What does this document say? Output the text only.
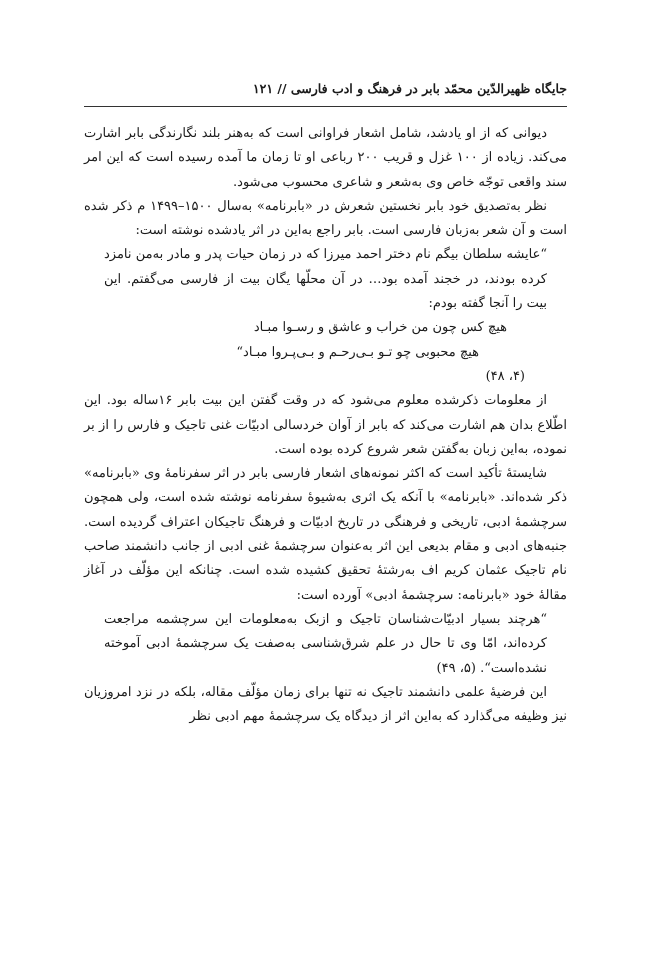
جایگاه ظهیرالدّین محمّد بابر در فرهنگ و ادب فارسی // ۱۲۱

دیوانی که از او یادشد، شامل اشعار فراوانی است که به‌هنر بلند نگارندگی بابر اشارت می‌کند. زیاده از ۱۰۰ غزل و قریب ۲۰۰ رباعی او تا زمان ما آمده رسیده است که این امر سند واقعی توجّه خاص وی به‌شعر و شاعری محسوب می‌شود.

نظر به‌تصدیق خود بابر نخستین شعرش در «بابرنامه» به‌سال ۱۵۰۰–۱۴۹۹ م ذکر شده است و آن شعر به‌زبان فارسی است. بابر راجع به‌این در اثر یادشده نوشته است:

“عایشه سلطان بیگم نام دختر احمد میرزا که در زمان حیات پدر و مادر به‌من نامزد کرده بودند، در خجند آمده بود… در آن محلّها یگان بیت از فارسی می‌گفتم. این بیت را آنجا گفته بودم:

هیچ کس چون من خراب و عاشق و رسـوا مبـاد

هیچ محبوبی چو تـو بـی‌رحـم و بـی‌پـروا مبـاد“

(۴، ۴۸)

از معلومات ذکرشده معلوم می‌شود که در وقت گفتن این بیت بابر ۱۶ساله بود. این اطّلاع بدان هم اشارت می‌کند که بابر از آوان خردسالی ادبیّات غنی تاجیک و فارس را از بر نموده، به‌این زبان به‌گفتن شعر شروع کرده بوده است.

شایستهٔ تأکید است که اکثر نمونه‌های اشعار فارسی بابر در اثر سفرنامهٔ وی «بابرنامه» ذکر شده‌اند. «بابرنامه» با آنکه یک اثری به‌شیوهٔ سفرنامه نوشته شده است، ولی همچون سرچشمهٔ ادبی، تاریخی و فرهنگی در تاریخ ادبیّات و فرهنگ تاجیکان اعتراف گردیده است. جنبه‌های ادبی و مقام بدیعی این اثر به‌عنوان سرچشمهٔ غنی ادبی از جانب دانشمند صاحب نام تاجیک عثمان کریم اف به‌رشتهٔ تحقیق کشیده شده است. چنانکه این مؤلّف در آغاز مقالهٔ خود «بابرنامه: سرچشمهٔ ادبی» آورده است:

“هرچند بسیار ادبیّات‌شناسان تاجیک و ازبک به‌معلومات این سرچشمه مراجعت کرده‌اند، امّا وی تا حال در علم شرق‌شناسی به‌صفت یک سرچشمهٔ ادبی آموخته نشده‌است“. (۵، ۴۹)

این فرضیهٔ علمی دانشمند تاجیک نه تنها برای زمان مؤلّف مقاله، بلکه در نزد امروزیان نیز وظیفه می‌گذارد که به‌این اثر از دیدگاه یک سرچشمهٔ مهم ادبی نظر
